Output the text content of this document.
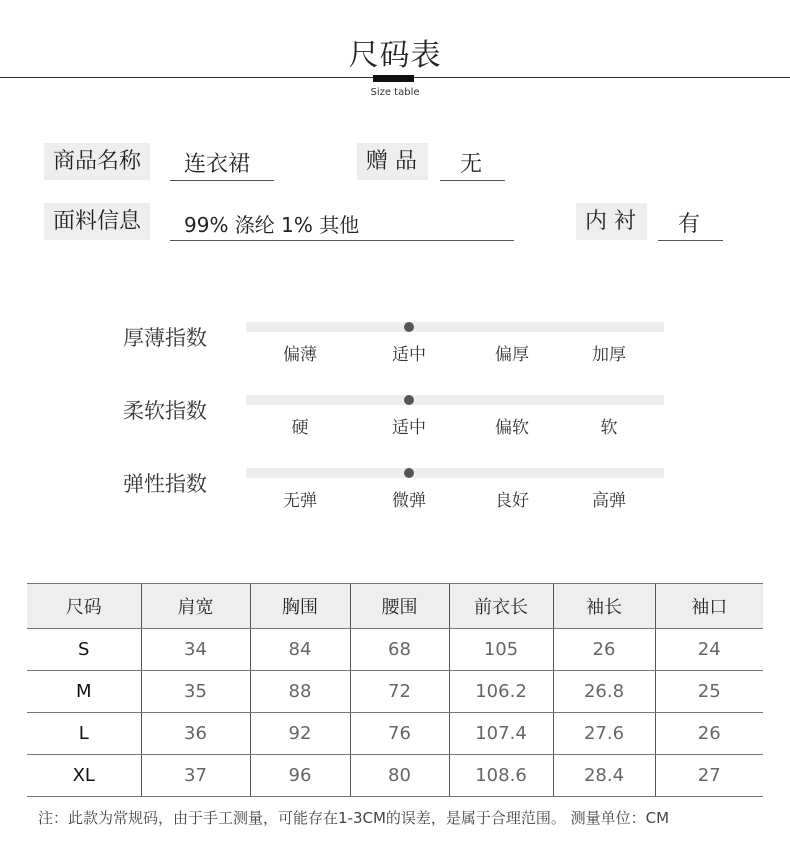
尺码表
Size table
商品名称	连衣裙	赠 品	无
面料信息	99% 涤纶 1% 其他	内 衬	有
厚薄指数
偏薄	适中	偏厚	加厚
柔软指数
硬	适中	偏软	软
弹性指数
无弹	微弹	良好	高弹
尺码	肩宽	胸围	腰围	前衣长	袖长	袖口
S	34	84	68	105	26	24
M	35	88	72	106.2	26.8	25
L	36	92	76	107.4	27.6	26
XL	37	96	80	108.6	28.4	27
注：此款为常规码，由于手工测量，可能存在1-3CM的误差，是属于合理范围。 测量单位：CM
